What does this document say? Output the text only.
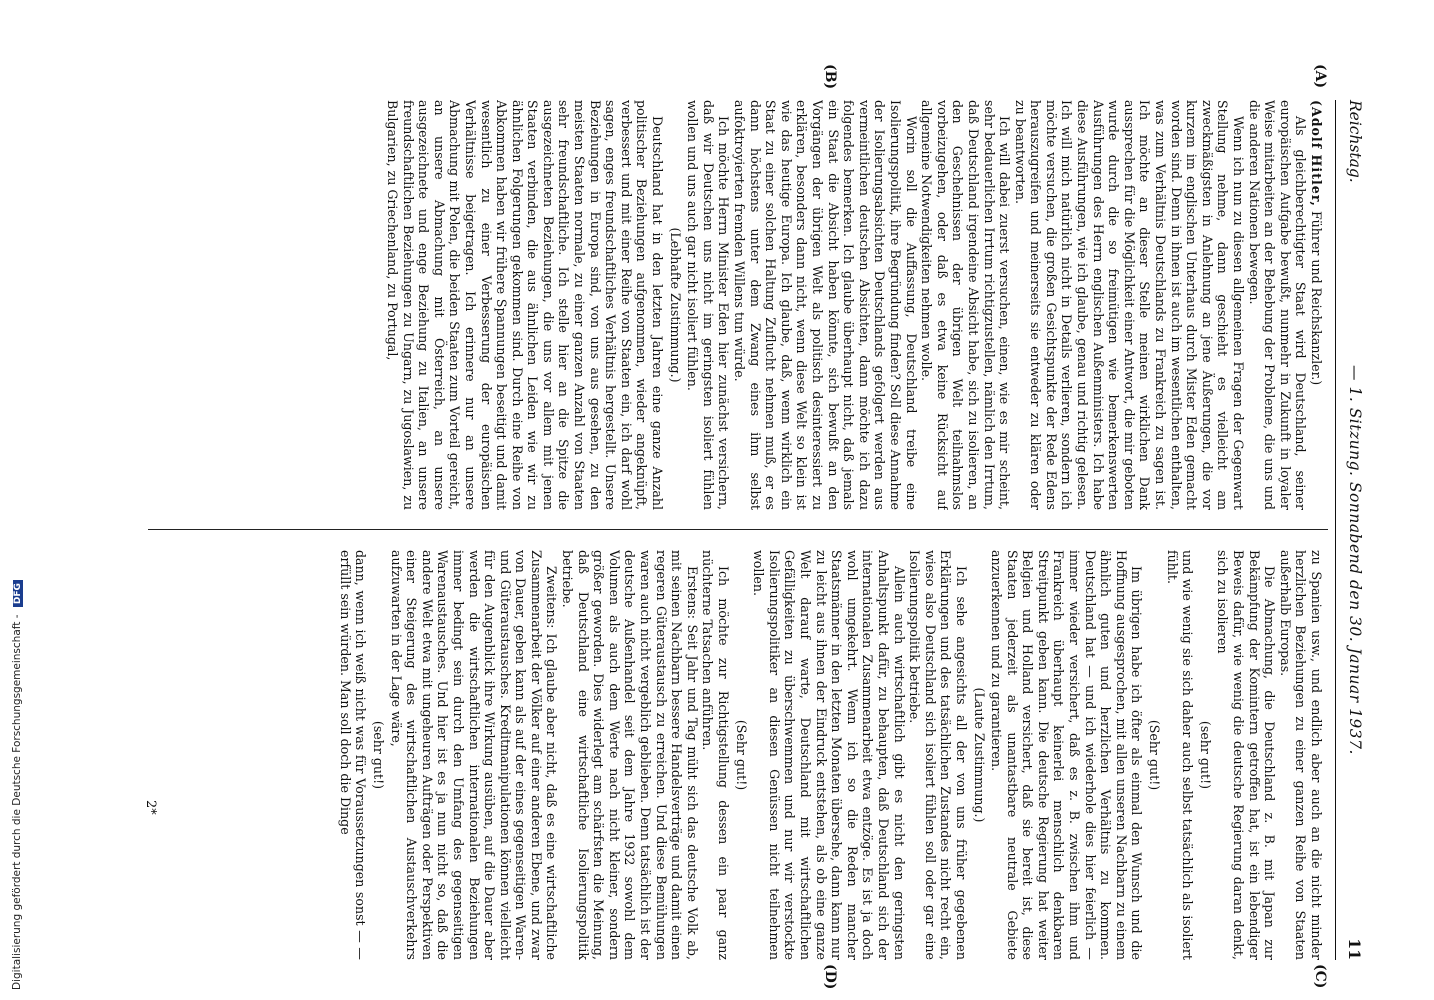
Digitalisierung gefördert durch die Deutsche Forschungsgemeinschaft - DFG
Reichstag.
— 1. Sitzung. Sonnabend den 30. Januar 1937.
11
(A)
(B)
(C)
(D)

(Adolf Hitler, Führer und Reichskanzler.)

Als gleichberechtigter Staat wird Deutschland, seiner europäischen Aufgabe bewußt, nunmehr in Zukunft in loyaler Weise mitarbeiten an der Behebung der Probleme, die uns und die anderen Nationen bewegen.

Wenn ich nun zu diesen allgemeinen Fragen der Gegenwart Stellung nehme, dann geschieht es vielleicht am zweckmäßigsten in Anlehnung an jene Äußerungen, die vor kurzem im englischen Unterhaus durch Mister Eden gemacht worden sind. Denn in ihnen ist auch im wesentlichen enthalten, was zum Verhältnis Deutschlands zu Frankreich zu sagen ist. Ich möchte an dieser Stelle meinen wirklichen Dank aussprechen für die Möglichkeit einer Antwort, die mir geboten wurde durch die so freimütigen wie bemerkenswerten Ausführungen des Herrn englischen Außenministers. Ich habe diese Ausführungen, wie ich glaube, genau und richtig gelesen. Ich will mich natürlich nicht in Details verlieren, sondern ich möchte versuchen, die großen Gesichtspunkte der Rede Edens herauszugreifen und meinerseits sie entweder zu klären oder zu beantworten.

Ich will dabei zuerst versuchen, einen, wie es mir scheint, sehr bedauerlichen Irrtum richtigzustellen, nämlich den Irrtum, daß Deutschland irgendeine Absicht habe, sich zu isolieren, an den Geschehnissen der übrigen Welt teilnahmslos vorbeizugehen, oder daß es etwa keine Rücksicht auf allgemeine Notwendigkeiten nehmen wolle.

Worin soll die Auffassung, Deutschland treibe eine Isolierungspolitik, ihre Begründung finden? Soll diese Annahme der Isolierungsabsichten Deutschlands gefolgert werden aus vermeintlichen deutschen Absichten, dann möchte ich dazu folgendes bemerken. Ich glaube überhaupt nicht, daß jemals ein Staat die Absicht haben könnte, sich bewußt an den Vorgängen der übrigen Welt als politisch desinteressiert zu erklären, besonders dann nicht, wenn diese Welt so klein ist wie das heutige Europa. Ich glaube, daß, wenn wirklich ein Staat zu einer solchen Haltung Zuflucht nehmen muß, er es dann höchstens unter dem Zwang eines ihm selbst aufoktroyierten fremden Willens tun würde.

Ich möchte Herrn Minister Eden hier zunächst versichern, daß wir Deutschen uns nicht im geringsten isoliert fühlen wollen und uns auch gar nicht isoliert fühlen.

(Lebhafte Zustimmung.)

Deutschland hat in den letzten Jahren eine ganze Anzahl politischer Beziehungen aufgenommen, wieder angeknüpft, verbessert und mit einer Reihe von Staaten ein, ich darf wohl sagen, enges freundschaftliches Verhältnis hergestellt. Unsere Beziehungen in Europa sind, von uns aus gesehen, zu den meisten Staaten normale, zu einer ganzen Anzahl von Staaten sehr freundschaftliche. Ich stelle hier an die Spitze die ausgezeichneten Beziehungen, die uns vor allem mit jenen Staaten verbinden, die aus ähnlichen Leiden wie wir zu ähnlichen Folgerungen gekommen sind. Durch eine Reihe von Abkommen haben wir frühere Spannungen beseitigt und damit wesentlich zu einer Verbesserung der europäischen Verhältnisse beigetragen. Ich erinnere nur an unsere Abmachung mit Polen, die beiden Staaten zum Vorteil gereicht, an unsere Abmachung mit Österreich, an unsere ausgezeichnete und enge Beziehung zu Italien, an unsere freundschaftlichen Beziehungen zu Ungarn, zu Jugoslawien, zu Bulgarien, zu Griechenland, zu Portugal,

zu Spanien usw., und endlich aber auch an die nicht minder herzlichen Beziehungen zu einer ganzen Reihe von Staaten außerhalb Europas.

Die Abmachung, die Deutschland z. B. mit Japan zur Bekämpfung der Komintern getroffen hat, ist ein lebendiger Beweis dafür, wie wenig die deutsche Regierung daran denkt, sich zu isolieren

(sehr gut!)

und wie wenig sie sich daher auch selbst tatsächlich als isoliert fühlt.

(Sehr gut!)

Im übrigen habe ich öfter als einmal den Wunsch und die Hoffnung ausgesprochen, mit allen unseren Nachbarn zu einem ähnlich guten und herzlichen Verhältnis zu kommen. Deutschland hat — und ich wiederhole dies hier feierlich — immer wieder versichert, daß es z. B. zwischen ihm und Frankreich überhaupt keinerlei menschlich denkbaren Streitpunkt geben kann. Die deutsche Regierung hat weiter Belgien und Holland versichert, daß sie bereit ist, diese Staaten jederzeit als unantastbare neutrale Gebiete anzuerkennen und zu garantieren.

(Laute Zustimmung.)

Ich sehe angesichts all der von uns früher gegebenen Erklärungen und des tatsächlichen Zustandes nicht recht ein, wieso also Deutschland sich isoliert fühlen soll oder gar eine Isolierungspolitik betriebe.

Allein auch wirtschaftlich gibt es nicht den geringsten Anhaltspunkt dafür, zu behaupten, daß Deutschland sich der internationalen Zusammenarbeit etwa entzöge. Es ist ja doch wohl umgekehrt. Wenn ich so die Reden mancher Staatsmänner in den letzten Monaten übersehe, dann kann nur zu leicht aus ihnen der Eindruck entstehen, als ob eine ganze Welt darauf warte, Deutschland mit wirtschaftlichen Gefälligkeiten zu überschwemmen und nur wir verstockte Isolierungspolitiker an diesen Genüssen nicht teilnehmen wollen.

(Sehr gut!)

Ich möchte zur Richtigstellung dessen ein paar ganz nüchterne Tatsachen anführen.

Erstens: Seit Jahr und Tag müht sich das deutsche Volk ab, mit seinen Nachbarn bessere Handelsverträge und damit einen regeren Güteraustausch zu erreichen. Und diese Bemühungen waren auch nicht vergeblich geblieben. Denn tatsächlich ist der deutsche Außenhandel seit dem Jahre 1932 sowohl dem Volumen als auch dem Werte nach nicht kleiner, sondern größer geworden. Dies widerlegt am schärfsten die Meinung, daß Deutschland eine wirtschaftliche Isolierungspolitik betriebe.

Zweitens: Ich glaube aber nicht, daß es eine wirtschaftliche Zusammenarbeit der Völker auf einer anderen Ebene, und zwar von Dauer, geben kann als auf der eines gegenseitigen Waren- und Güteraustausches. Kreditmanipulationen können vielleicht für den Augenblick ihre Wirkung ausüben, auf die Dauer aber werden die wirtschaftlichen internationalen Beziehungen immer bedingt sein durch den Umfang des gegenseitigen Warenaustausches. Und hier ist es ja nun nicht so, daß die andere Welt etwa mit ungeheuren Aufträgen oder Perspektiven einer Steigerung des wirtschaftlichen Austauschverkehrs aufzuwarten in der Lage wäre,

(sehr gut!)

dann, wenn ich weiß nicht was für Voraussetzungen sonst — — erfüllt sein würden. Man soll doch die Dinge

2*
